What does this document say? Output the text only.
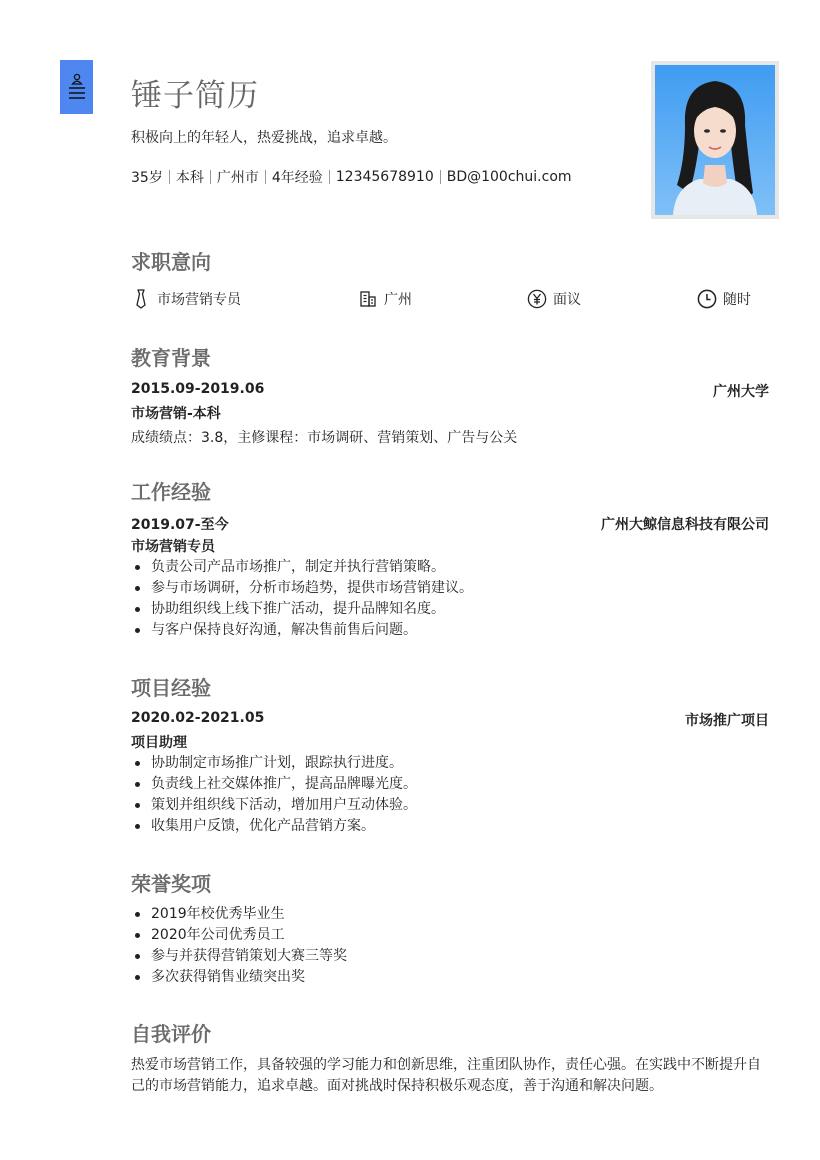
锤子简历
积极向上的年轻人，热爱挑战，追求卓越。
35岁 本科 广州市 4年经验 12345678910 BD@100chui.com
求职意向
市场营销专员	广州	面议	随时
教育背景
2015.09-2019.06	广州大学
市场营销-本科
成绩绩点：3.8，主修课程：市场调研、营销策划、广告与公关
工作经验
2019.07-至今	广州大鲸信息科技有限公司
市场营销专员
负责公司产品市场推广，制定并执行营销策略。
参与市场调研，分析市场趋势，提供市场营销建议。
协助组织线上线下推广活动，提升品牌知名度。
与客户保持良好沟通，解决售前售后问题。
项目经验
2020.02-2021.05	市场推广项目
项目助理
协助制定市场推广计划，跟踪执行进度。
负责线上社交媒体推广，提高品牌曝光度。
策划并组织线下活动，增加用户互动体验。
收集用户反馈，优化产品营销方案。
荣誉奖项
2019年校优秀毕业生
2020年公司优秀员工
参与并获得营销策划大赛三等奖
多次获得销售业绩突出奖
自我评价
热爱市场营销工作，具备较强的学习能力和创新思维，注重团队协作，责任心强。在实践中不断提升自
己的市场营销能力，追求卓越。面对挑战时保持积极乐观态度，善于沟通和解决问题。
